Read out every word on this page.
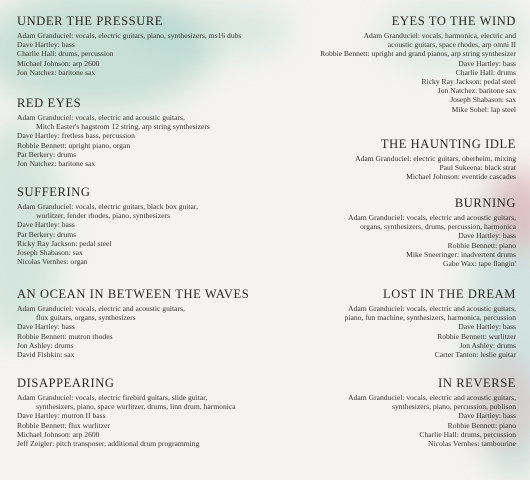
UNDER THE PRESSURE
Adam Granduciel: vocals, electric guitars, piano, synthesizers, ms16 dubs
Dave Hartley: bass
Charlie Hall: drums, percussion
Michael Johnson: arp 2600
Jon Natchez: baritone sax
RED EYES
Adam Granduciel: vocals, electric and acoustic guitars,
Mitch Easter's hagstrom 12 string, arp string synthesizers
Dave Hartley: fretless bass, percussion
Robbie Bennett: upright piano, organ
Pat Berkery: drums
Jon Natchez: baritone sax
SUFFERING
Adam Granduciel: vocals, electric guitars, black box guitar,
wurlitzer, fender rhodes, piano, synthesizers
Dave Hartley: bass
Pat Berkery: drums
Ricky Ray Jackson: pedal steel
Joseph Shabason: sax
Nicolas Vernhes: organ
AN OCEAN IN BETWEEN THE WAVES
Adam Granduciel: vocals, electric and acoustic guitars,
flux guitars, organs, synthesizers
Dave Hartley: bass
Robbie Bennett: mutron rhodes
Jon Ashley: drums
David Fishkin: sax
DISAPPEARING
Adam Granduciel: vocals, electric firebird guitars, slide guitar,
synthesizers, piano, space wurlitzer, drums, linn drum, harmonica
Dave Hartley: mutron II bass
Robbie Bennett: flux wurlitzer
Michael Johnson: arp 2600
Jeff Zeigler: pitch transposer, additional drum programming
EYES TO THE WIND
Adam Granduciel: vocals, harmonica, electric and
acoustic guitars, space rhodes, arp omni II
Robbie Bennett: upright and grand pianos, arp string synthesizer
Dave Hartley: bass
Charlie Hall: drums
Ricky Ray Jackson: pedal steel
Jon Natchez: baritone sax
Joseph Shabason: sax
Mike Sobel: lap steel
THE HAUNTING IDLE
Adam Granduciel: electric guitars, oberheim, mixing
Paul Sukeena: black strat
Michael Johnson: eventide cascades
BURNING
Adam Granduciel: vocals, electric and acoustic guitars,
organs, synthesizers, drums, percussion, harmonica
Dave Hartley: bass
Robbie Bennett: piano
Mike Sneeringer: inadvertent drums
Gabe Wax: tape flangin'
LOST IN THE DREAM
Adam Granduciel: vocals, electric and acoustic guitars,
piano, fun machine, synthesizers, harmonica, percussion
Dave Hartley: bass
Robbie Bennett: wurlitzer
Jon Ashley: drums
Carter Tanton: leslie guitar
IN REVERSE
Adam Granduciel: vocals, electric and acoustic guitars,
synthesizers, piano, percussion, publison
Dave Hartley: bass
Robbie Bennett: piano
Charlie Hall: drums, percussion
Nicolas Vernhes: tambourine
